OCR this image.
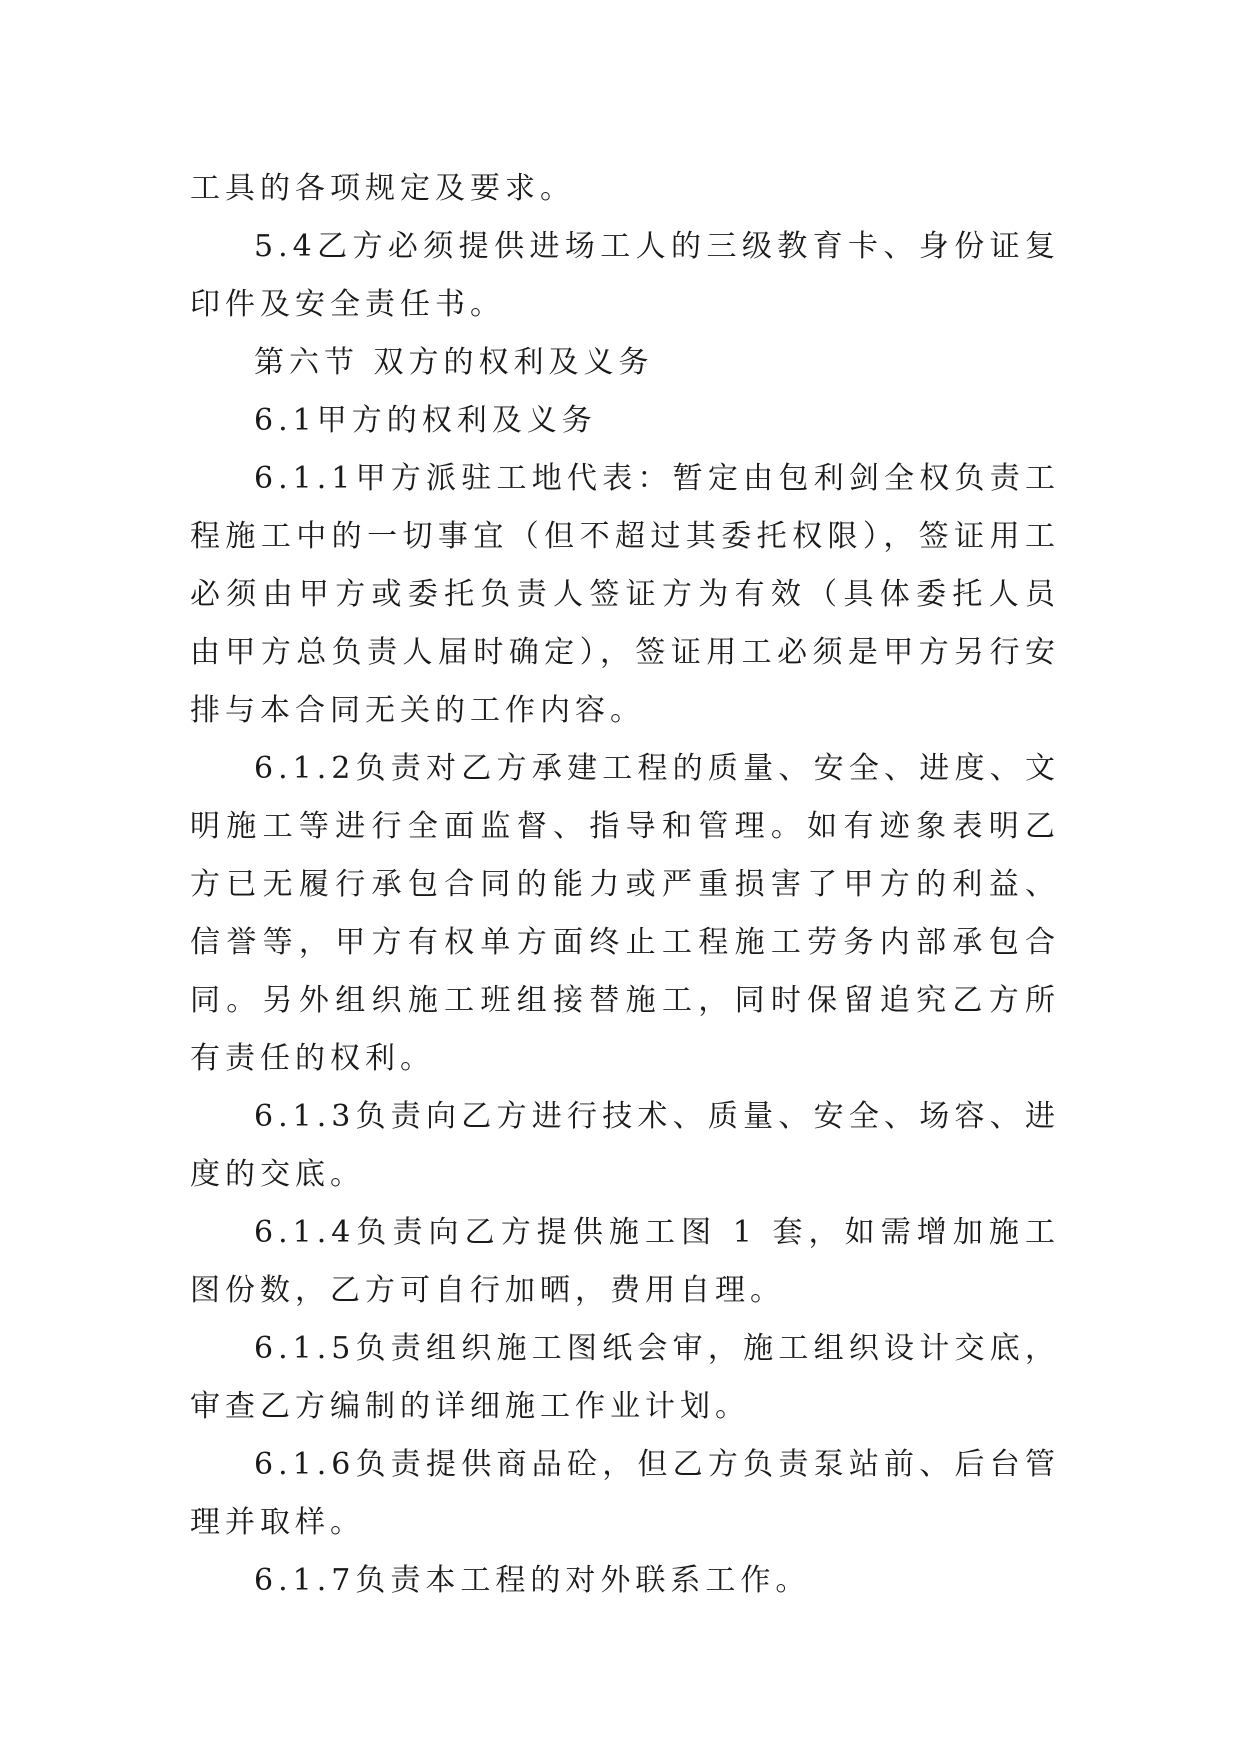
工具的各项规定及要求。

5.4乙方必须提供进场工人的三级教育卡、身份证复印件及安全责任书。

第六节 双方的权利及义务

6.1甲方的权利及义务

6.1.1甲方派驻工地代表：暂定由包利剑全权负责工程施工中的一切事宜（但不超过其委托权限），签证用工必须由甲方或委托负责人签证方为有效（具体委托人员由甲方总负责人届时确定），签证用工必须是甲方另行安排与本合同无关的工作内容。

6.1.2负责对乙方承建工程的质量、安全、进度、文明施工等进行全面监督、指导和管理。如有迹象表明乙方已无履行承包合同的能力或严重损害了甲方的利益、信誉等，甲方有权单方面终止工程施工劳务内部承包合同。另外组织施工班组接替施工，同时保留追究乙方所有责任的权利。

6.1.3负责向乙方进行技术、质量、安全、场容、进度的交底。

6.1.4负责向乙方提供施工图 1 套，如需增加施工图份数，乙方可自行加晒，费用自理。

6.1.5负责组织施工图纸会审，施工组织设计交底，审查乙方编制的详细施工作业计划。

6.1.6负责提供商品砼，但乙方负责泵站前、后台管理并取样。

6.1.7负责本工程的对外联系工作。
